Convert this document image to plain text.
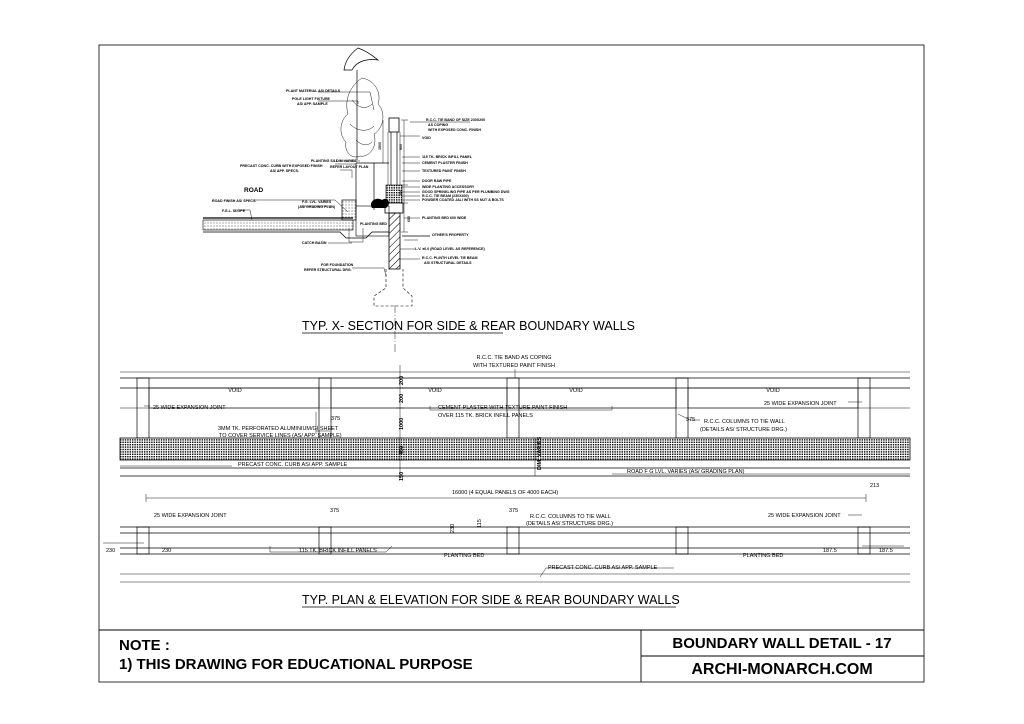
900
1500
250
650
PLANT MATERIAL AS/ DETAILS
POLE LIGHT FIXTURE
AS/ APP. SAMPLE
R.C.C. TIE BAND OF SIZE 230X200
AS COPING
WITH EXPOSED CONC. FINISH
VOID
115 TK. BRICK INFILL PANEL
CEMENT PLASTER FINISH
TEXTURED PAINT FINISH
DOOR RAW PIPE
WIDE PLANTING ACCESSORY
GOOD SPRINKLING PIPE AS PER PLUMBING DWG
R.C.C. TIE BEAM (230X400)
POWDER COATED JALI WITH SS NUT & BOLTS
PLANTING BED 600 WIDE
OTHER'S PROPERTY
L.V. ±0.0 (ROAD LEVEL AS REFERENCE)
R.C.C. PLINTH LEVEL TIE BEAM
AS/ STRUCTURAL DETAILS
PLANTING SILL
DIM VARIES
PRECAST CONC. CURB WITH EXPOSED FINISH
AS/ APP. SPECS.
REFER LAYOUT PLAN
ROAD
ROAD FINISH AS/ SPECS.	F.G. LVL. VARIES
(AS/ GRADING PLAN)
F.G.L. SLOPE
PLANTING BED
CATCH BASIN
FOR FOUNDATION
REFER STRUCTURAL DRG.
TYP. X- SECTION FOR SIDE & REAR BOUNDARY WALLS
200
200
1000
450
150
DIM. VARIES
R.C.C. TIE BAND AS COPING
WITH TEXTURED PAINT FINISH
VOID	VOID	VOID	VOID
CEMENT PLASTER WITH TEXTURE PAINT FINISH
OVER 115 TK. BRICK INFILL PANELS
25 WIDE EXPANSION JOINT
25 WIDE EXPANSION JOINT
375	375
3MM TK. PERFORATED ALUMINIUM/GI SHEET
TO COVER SERVICE LINES (AS/ APP. SAMPLE)
R.C.C. COLUMNS TO TIE WALL
(DETAILS AS/ STRUCTURE DRG.)
PRECAST CONC. CURB AS/ APP. SAMPLE
ROAD F G LVL. VARIES (AS/ GRADING PLAN)
16000 (4 EQUAL PANELS OF 4000 EACH)
213
25 WIDE EXPANSION JOINT	25 WIDE EXPANSION JOINT
375	375
230
115
R.C.C. COLUMNS TO TIE WALL
(DETAILS AS/ STRUCTURE DRG.)
230	230	115 TK. BRICK INFILL PANELS
PLANTING BED	PLANTING BED
187.5	187.5
PRECAST CONC. CURB AS/ APP. SAMPLE
TYP. PLAN & ELEVATION FOR SIDE & REAR BOUNDARY WALLS
NOTE :
1) THIS DRAWING FOR EDUCATIONAL PURPOSE
BOUNDARY WALL DETAIL - 17
ARCHI-MONARCH.COM
